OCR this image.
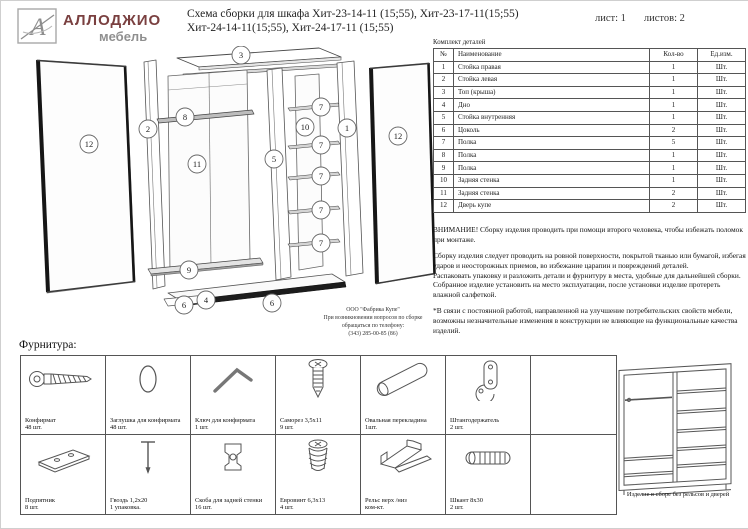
А АЛЛОДЖИО
мебель
Схема сборки для шкафа Хит-23-14-11 (15;55), Хит-23-17-11(15;55)
Хит-24-14-11(15;55), Хит-24-17-11 (15;55)
лист: 1 листов: 2
3
12
2
8
11
9
5
10
7
7
7
7
7
1
12
6 4	6
ООО "Фабрика Купе"
При возникновении вопросов по сборке
обращаться по телефону:
(343) 285-00-85 (86)
Комплект деталей
№	Наименование	Кол-во	Ед.изм.
1	Стойка правая	1	Шт.
2	Стойка левая	1	Шт.
3	Топ (крыша)	1	Шт.
4	Дно	1	Шт.
5	Стойка внутренняя	1	Шт.
6	Цоколь	2	Шт.
7	Полка	5	Шт.
8	Полка	1	Шт.
9	Полка	1	Шт.
10	Задняя стенка	1	Шт.
11	Задняя стенка	2	Шт.
12	Дверь купе	2	Шт.

ВНИМАНИЕ! Сборку изделия проводить при помощи второго человека, чтобы избежать поломок при монтаже.

Сборку изделия следует проводить на ровной поверхности, покрытой тканью или бумагой, избегая ударов и неосторожных приемов, во избежание царапин и повреждений деталей.

Распаковать упаковку и разложить детали и фурнитуру в места, удобные для дальнейшей сборки.

Собранное изделие установить на место эксплуатации, после установки изделие протереть влажной салфеткой.

*В связи с постоянной работой, направленной на улучшение потребительских свойств мебели, возможны незначительные изменения в конструкции не влияющие на функциональные качества изделий.

Фурнитура:
Конфирмат
48 шт.
Заглушка для конфирмата
48 шт.
Ключ для конфирмата
1 шт.
Саморез 3,5х11
9 шт.
Овальная перекладина
1шт.
Штангодержатель
2 шт.
Подпятник
8 шт.
Гвоздь 1,2х20
1 упаковка.
Скоба для задней стенки
16 шт.
Евровинт 6,3х13
4 шт.
Рельс верх /низ
ком-кт.
Шкант 8х30
2 шт.
Изделие в сборе без рельсов и дверей
